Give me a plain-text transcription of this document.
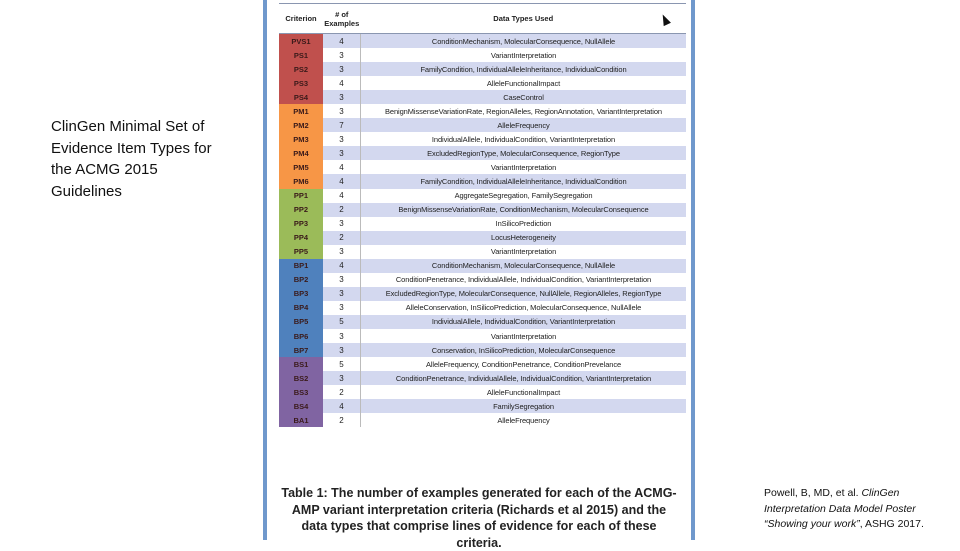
ClinGen Minimal Set of Evidence Item Types for the ACMG 2015 Guidelines
Criterion	# of Examples	Data Types Used
PVS1	4	ConditionMechanism, MolecularConsequence, NullAllele
PS1	3	VariantInterpretation
PS2	3	FamilyCondition, IndividualAlleleInheritance, IndividualCondition
PS3	4	AlleleFunctionalImpact
PS4	3	CaseControl
PM1	3	BenignMissenseVariationRate, RegionAlleles, RegionAnnotation, VariantInterpretation
PM2	7	AlleleFrequency
PM3	3	IndividualAllele, IndividualCondition, VariantInterpretation
PM4	3	ExcludedRegionType, MolecularConsequence, RegionType
PM5	4	VariantInterpretation
PM6	4	FamilyCondition, IndividualAlleleInheritance, IndividualCondition
PP1	4	AggregateSegregation, FamilySegregation
PP2	2	BenignMissenseVariationRate, ConditionMechanism, MolecularConsequence
PP3	3	InSilicoPrediction
PP4	2	LocusHeterogeneity
PP5	3	VariantInterpretation
BP1	4	ConditionMechanism, MolecularConsequence, NullAllele
BP2	3	ConditionPenetrance, IndividualAllele, IndividualCondition, VariantInterpretation
BP3	3	ExcludedRegionType, MolecularConsequence, NullAllele, RegionAlleles, RegionType
BP4	3	AlleleConservation, InSilicoPrediction, MolecularConsequence, NullAllele
BP5	5	IndividualAllele, IndividualCondition, VariantInterpretation
BP6	3	VariantInterpretation
BP7	3	Conservation, InSilicoPrediction, MolecularConsequence
BS1	5	AlleleFrequency, ConditionPenetrance, ConditionPrevelance
BS2	3	ConditionPenetrance, IndividualAllele, IndividualCondition, VariantInterpretation
BS3	2	AlleleFunctionalImpact
BS4	4	FamilySegregation
BA1	2	AlleleFrequency
Table 1: The number of examples generated for each of the ACMG-AMP variant interpretation criteria (Richards et al 2015) and the data types that comprise lines of evidence for each of these criteria.
Powell, B, MD, et al. ClinGen Interpretation Data Model Poster “Showing your work”, ASHG 2017.
